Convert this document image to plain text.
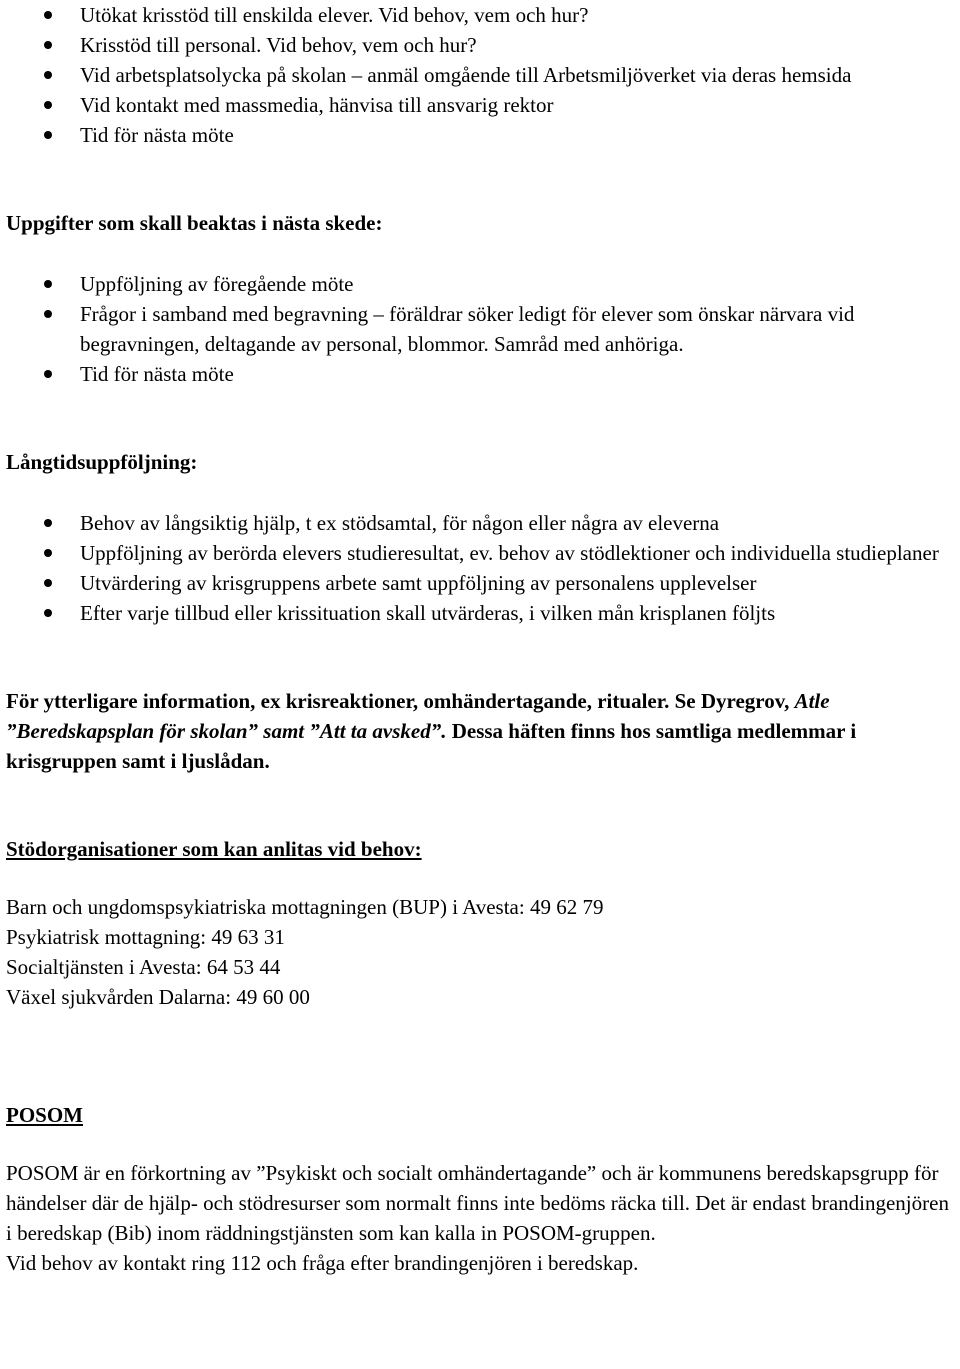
Utökat krisstöd till enskilda elever. Vid behov, vem och hur?
Krisstöd till personal. Vid behov, vem och hur?
Vid arbetsplatsolycka på skolan – anmäl omgående till Arbetsmiljöverket via deras hemsida
Vid kontakt med massmedia, hänvisa till ansvarig rektor
Tid för nästa möte

Uppgifter som skall beaktas i nästa skede:

Uppföljning av föregående möte
Frågor i samband med begravning – föräldrar söker ledigt för elever som önskar närvara vid begravningen, deltagande av personal, blommor. Samråd med anhöriga.
Tid för nästa möte

Långtidsuppföljning:

Behov av långsiktig hjälp, t ex stödsamtal, för någon eller några av eleverna
Uppföljning av berörda elevers studieresultat, ev. behov av stödlektioner och individuella studieplaner
Utvärdering av krisgruppens arbete samt uppföljning av personalens upplevelser
Efter varje tillbud eller krissituation skall utvärderas, i vilken mån krisplanen följts

För ytterligare information, ex krisreaktioner, omhändertagande, ritualer. Se Dyregrov, Atle ”Beredskapsplan för skolan” samt ”Att ta avsked”. Dessa häften finns hos samtliga medlemmar i krisgruppen samt i ljuslådan.

Stödorganisationer som kan anlitas vid behov:

Barn och ungdomspsykiatriska mottagningen (BUP) i Avesta: 49 62 79

Psykiatrisk mottagning: 49 63 31

Socialtjänsten i Avesta: 64 53 44

Växel sjukvården Dalarna: 49 60 00

POSOM

POSOM är en förkortning av ”Psykiskt och socialt omhändertagande” och är kommunens beredskapsgrupp för händelser där de hjälp- och stödresurser som normalt finns inte bedöms räcka till. Det är endast brandingenjören i beredskap (Bib) inom räddningstjänsten som kan kalla in POSOM-gruppen.

Vid behov av kontakt ring 112 och fråga efter brandingenjören i beredskap.
